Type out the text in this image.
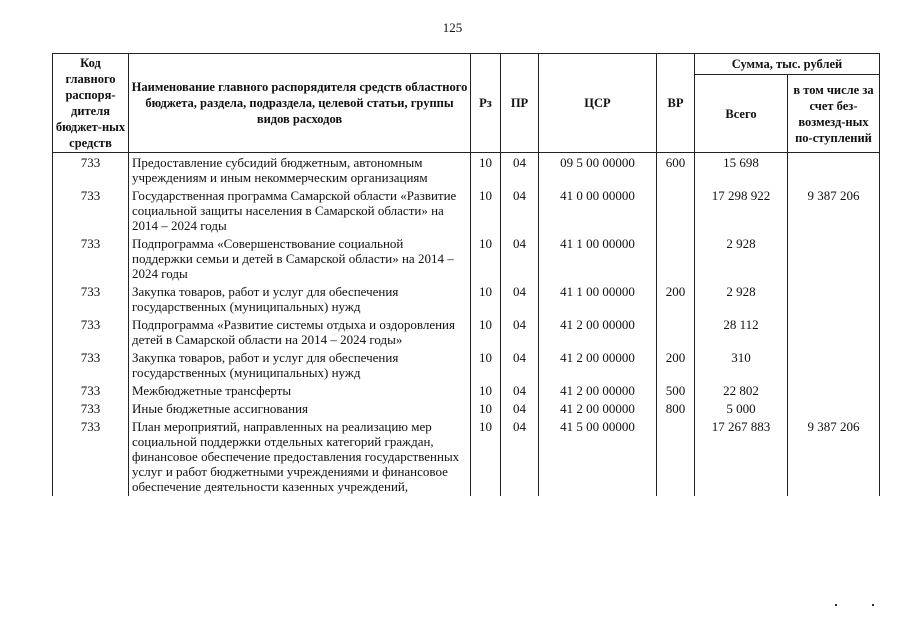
125
Код главного распоря-дителя бюджет-ных средств	Наименование главного распорядителя средств областного бюджета, раздела, подраздела, целевой статьи, группы видов расходов	Рз	ПР	ЦСР	ВР	Сумма, тыс. рублей	
						Всего	в том числе за счет без-возмезд-ных по-ступлений
733	Предоставление субсидий бюджетным, автономным учреждениям и иным некоммерческим организациям	10	04	09 5 00 00000	600	15 698	
733	Государственная программа Самарской области «Развитие социальной защиты населения в Самарской области» на 2014 – 2024 годы	10	04	41 0 00 00000		17 298 922	9 387 206
733	Подпрограмма «Совершенствование социальной поддержки семьи и детей в Самарской области» на 2014 – 2024 годы	10	04	41 1 00 00000		2 928	
733	Закупка товаров, работ и услуг для обеспечения государственных (муниципальных) нужд	10	04	41 1 00 00000	200	2 928	
733	Подпрограмма «Развитие системы отдыха и оздоровления детей в Самарской области на 2014 – 2024 годы»	10	04	41 2 00 00000		28 112	
733	Закупка товаров, работ и услуг для обеспечения государственных (муниципальных) нужд	10	04	41 2 00 00000	200	310	
733	Межбюджетные трансферты	10	04	41 2 00 00000	500	22 802	
733	Иные бюджетные ассигнования	10	04	41 2 00 00000	800	5 000	
733	План мероприятий, направленных на реализацию мер социальной поддержки отдельных категорий граждан, финансовое обеспечение предоставления государственных услуг и работ бюджетными учреждениями и финансовое обеспечение деятельности казенных учреждений,	10	04	41 5 00 00000		17 267 883	9 387 206
